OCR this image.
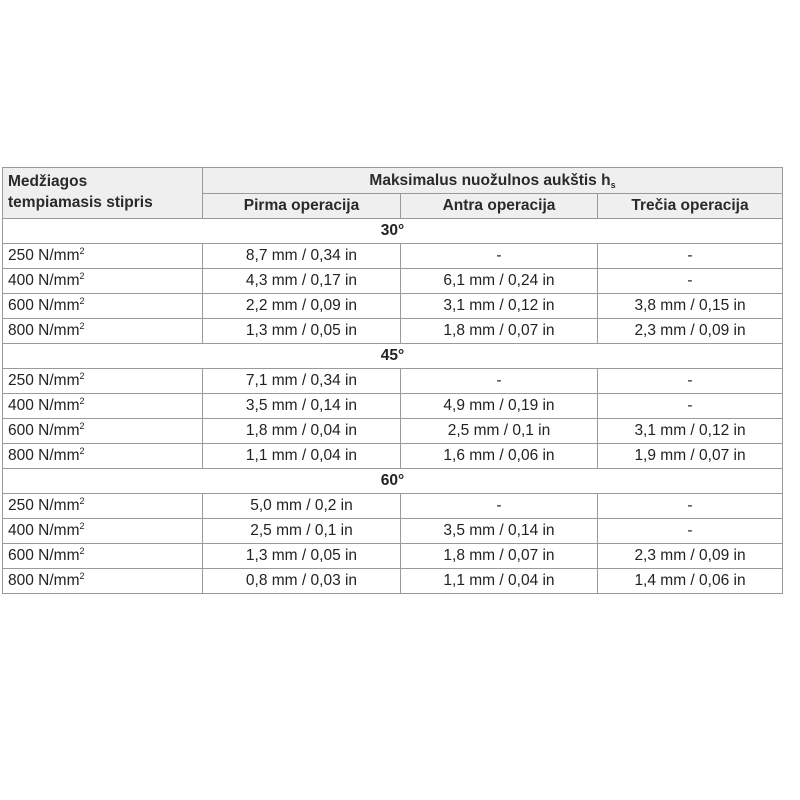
Medžiagos
tempiamasis stipris	Maksimalus nuožulnos aukštis $h_s$
	Pirma operacija	Antra operacija	Trečia operacija
30°			
250 $N/mm^2$	8,7 mm / 0,34 in	-	-
400 $N/mm^2$	4,3 mm / 0,17 in	6,1 mm / 0,24 in	-
600 $N/mm^2$	2,2 mm / 0,09 in	3,1 mm / 0,12 in	3,8 mm / 0,15 in
800 $N/mm^2$	1,3 mm / 0,05 in	1,8 mm / 0,07 in	2,3 mm / 0,09 in
45°			
250 $N/mm^2$	7,1 mm / 0,34 in	-	-
400 $N/mm^2$	3,5 mm / 0,14 in	4,9 mm / 0,19 in	-
600 $N/mm^2$	1,8 mm / 0,04 in	2,5 mm / 0,1 in	3,1 mm / 0,12 in
800 $N/mm^2$	1,1 mm / 0,04 in	1,6 mm / 0,06 in	1,9 mm / 0,07 in
60°			
250 $N/mm^2$	5,0 mm / 0,2 in	-	-
400 $N/mm^2$	2,5 mm / 0,1 in	3,5 mm / 0,14 in	-
600 $N/mm^2$	1,3 mm / 0,05 in	1,8 mm / 0,07 in	2,3 mm / 0,09 in
800 $N/mm^2$	0,8 mm / 0,03 in	1,1 mm / 0,04 in	1,4 mm / 0,06 in
